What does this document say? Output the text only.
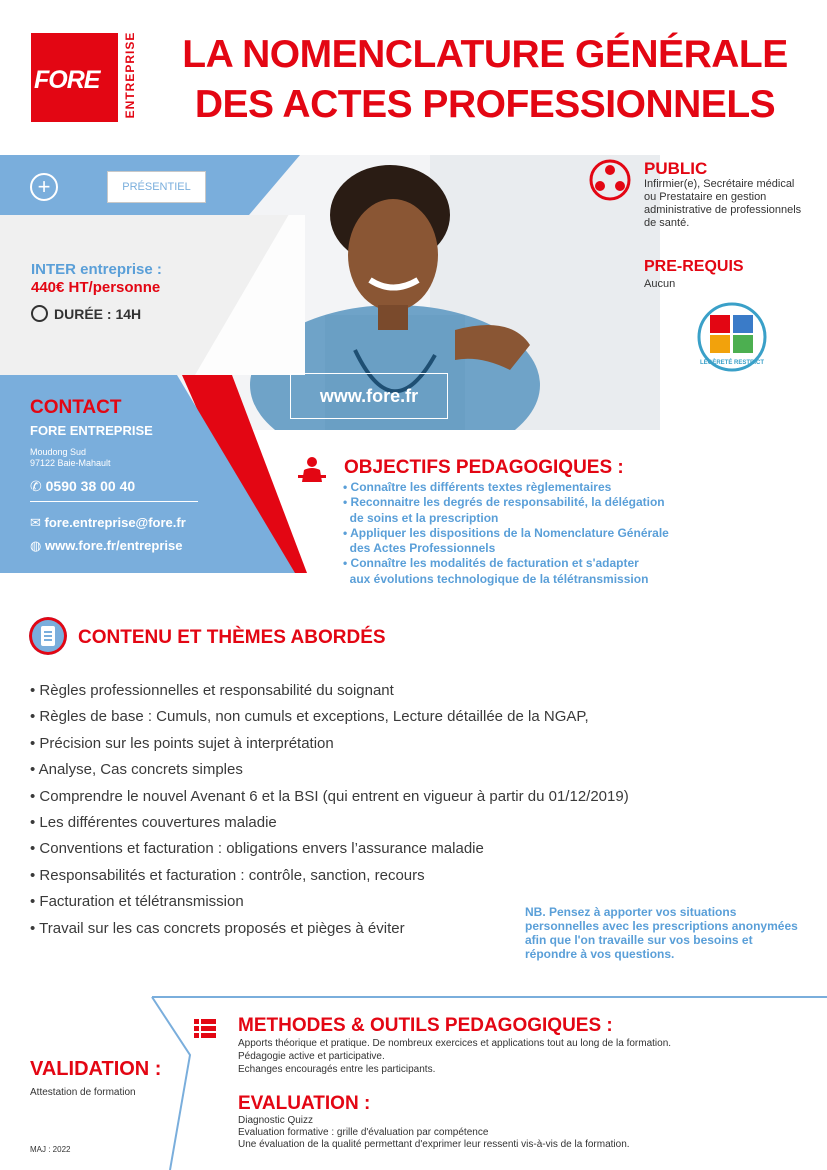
FORE ENTREPRISE	LA NOMENCLATURE GÉNÉRALE
DES ACTES PROFESSIONNELS
+	PRÉSENTIEL
INTER entreprise :
440€ HT/personne
DURÉE : 14H
CONTACT
FORE ENTREPRISE
Moudong Sud
97122 Baie-Mahault
✆ 0590 38 00 40
✉ fore.entreprise@fore.fr
◍ www.fore.fr/entreprise
www.fore.fr
PUBLIC
Infirmier(e), Secrétaire médical ou Prestataire en gestion administrative de professionnels de santé.
PRE-REQUIS
Aucun
LÉGÈRETÉ RESTRICT
OBJECTIFS PEDAGOGIQUES :
• Connaître les différents textes règlementaires
• Reconnaitre les degrés de responsabilité, la délégation
de soins et la prescription
• Appliquer les dispositions de la Nomenclature Générale
des Actes Professionnels
• Connaître les modalités de facturation et s'adapter
aux évolutions technologique de la télétransmission
CONTENU ET THÈMES ABORDÉS
• Règles professionnelles et responsabilité du soignant
• Règles de base : Cumuls, non cumuls et exceptions, Lecture détaillée de la NGAP,
• Précision sur les points sujet à interprétation
• Analyse, Cas concrets simples
• Comprendre le nouvel Avenant 6 et la BSI (qui entrent en vigueur à partir du 01/12/2019)
• Les différentes couvertures maladie
• Conventions et facturation : obligations envers l’assurance maladie
• Responsabilités et facturation : contrôle, sanction, recours
• Facturation et télétransmission
• Travail sur les cas concrets proposés et pièges à éviter
NB. Pensez à apporter vos situations personnelles avec les prescriptions anonymées afin que l'on travaille sur vos besoins et répondre à vos questions.
METHODES & OUTILS PEDAGOGIQUES :
Apports théorique et pratique. De nombreux exercices et applications tout au long de la formation.
Pédagogie active et participative.
Echanges encouragés entre les participants.
VALIDATION :
Attestation de formation
EVALUATION :
Diagnostic Quizz
Evaluation formative : grille d'évaluation par compétence
Une évaluation de la qualité permettant d'exprimer leur ressenti vis-à-vis de la formation.
MAJ : 2022
